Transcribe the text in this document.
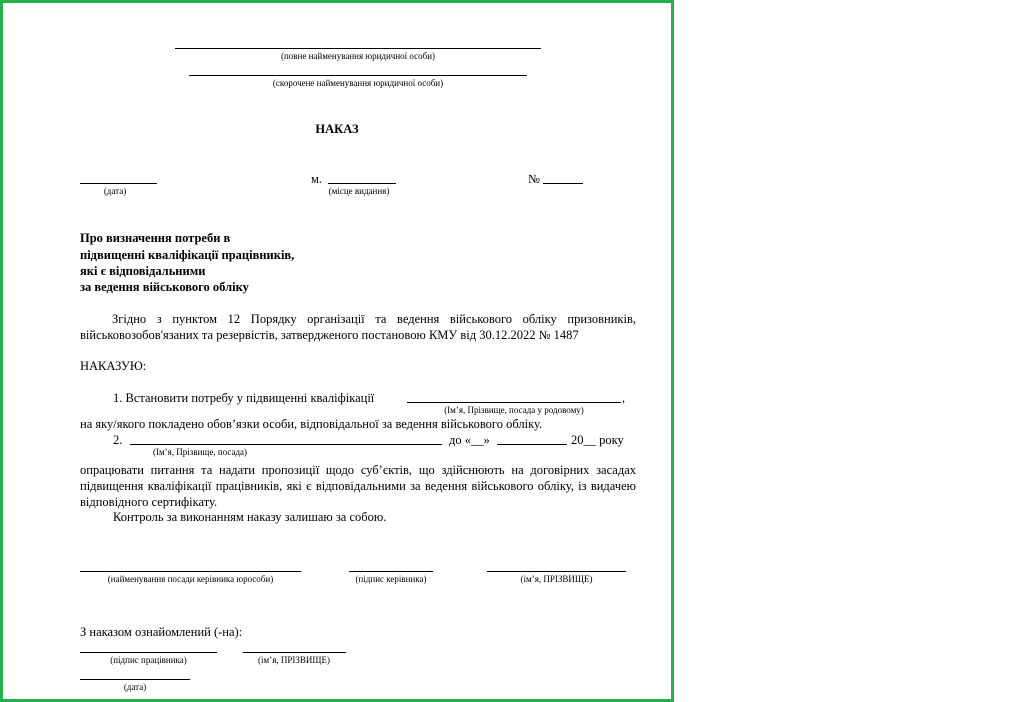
(повне найменування юридичної особи)
(скорочене найменування юридичної особи)
НАКАЗ
(дата)
м.
(місце видання)
№
Про визначення потреби в
підвищенні кваліфікації працівників,
які є відповідальними
за ведення військового обліку
Згідно з пунктом 12 Порядку організації та ведення військового обліку призовників, військовозобов'язаних та резервістів, затвердженого постановою КМУ від 30.12.2022 № 1487
НАКАЗУЮ:
1. Встановити потребу у підвищенні кваліфікації	,
(Ім’я, Прізвище, посада у родовому)
на яку/якого покладено обов’язки особи, відповідальної за ведення військового обліку.
2.	до «__»	20__ року
(Ім’я, Прізвище, посада)
опрацювати питання та надати пропозиції щодо суб’єктів, що здійснюють на договірних засадах підвищення кваліфікації працівників, які є відповідальними за ведення військового обліку, із видачею відповідного сертифікату.
Контроль за виконанням наказу залишаю за собою.
(найменування посади керівника юрособи)	(підпис керівника)	(ім’я, ПРІЗВИЩЕ)
З наказом ознайомлений (-на):
(підпис працівника)	(ім’я, ПРІЗВИЩЕ)
(дата)
